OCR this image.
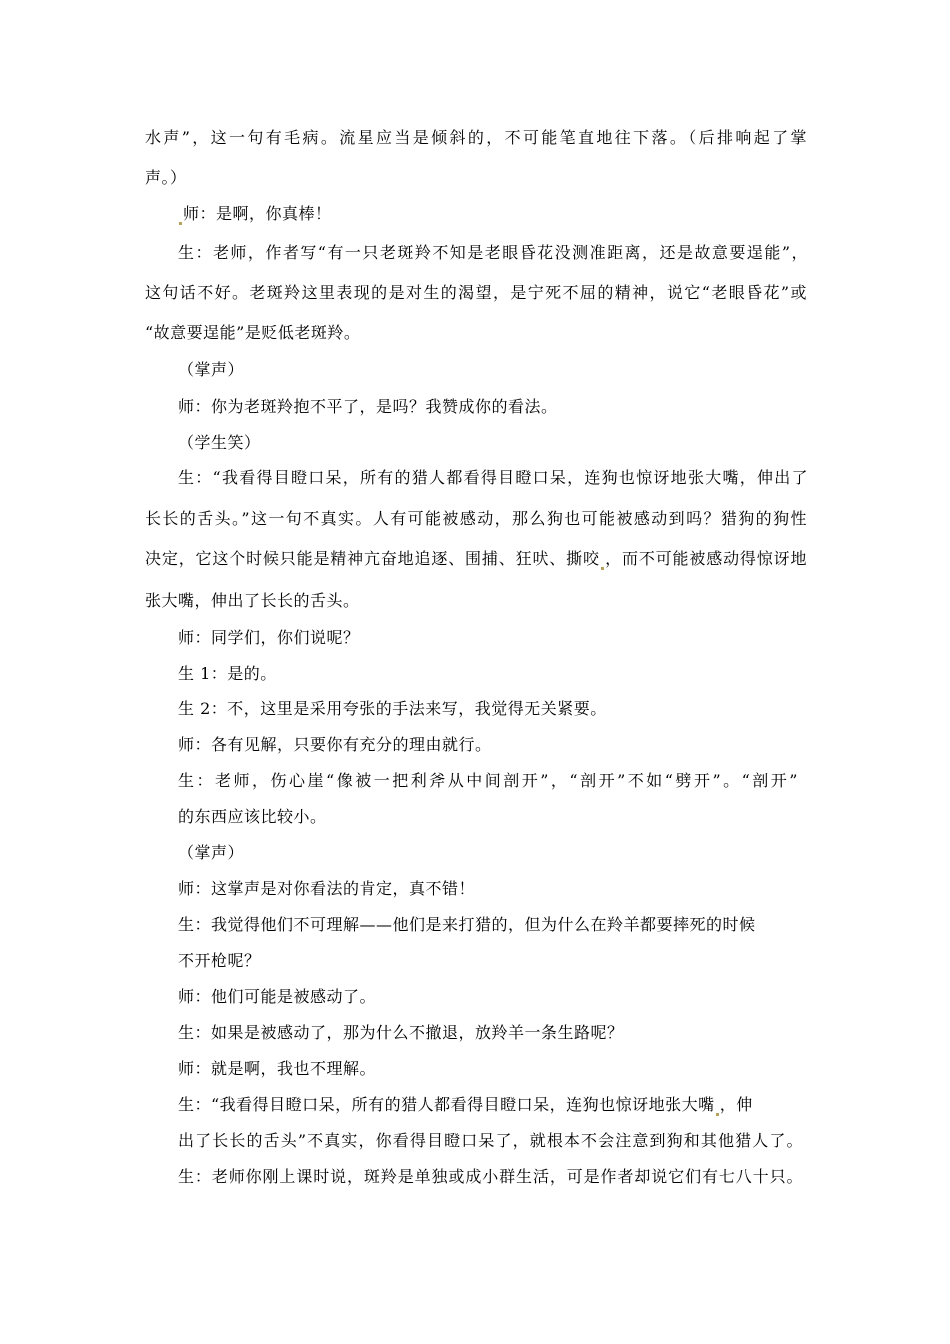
水声”，这一句有毛病。流星应当是倾斜的，不可能笔直地往下落。（后排响起了掌
声。）
师：是啊，你真棒！
生：老师，作者写“有一只老斑羚不知是老眼昏花没测准距离，还是故意要逞能”，
这句话不好。老斑羚这里表现的是对生的渴望，是宁死不屈的精神，说它“老眼昏花”或
“故意要逞能”是贬低老斑羚。
（掌声）
师：你为老斑羚抱不平了，是吗？我赞成你的看法。
（学生笑）
生：“我看得目瞪口呆，所有的猎人都看得目瞪口呆，连狗也惊讶地张大嘴，伸出了
长长的舌头。”这一句不真实。人有可能被感动，那么狗也可能被感动到吗？猎狗的狗性
决定，它这个时候只能是精神亢奋地追逐、围捕、狂吠、撕咬 ，而不可能被感动得惊讶地
张大嘴，伸出了长长的舌头。
师：同学们，你们说呢？
生 1：是的。
生 2：不，这里是采用夸张的手法来写，我觉得无关紧要。
师：各有见解，只要你有充分的理由就行。
生：老师，伤心崖“像被一把利斧从中间剖开”，“剖开”不如“劈开”。“剖开”
的东西应该比较小。
（掌声）
师：这掌声是对你看法的肯定，真不错！
生：我觉得他们不可理解——他们是来打猎的，但为什么在羚羊都要摔死的时候
不开枪呢？
师：他们可能是被感动了。
生：如果是被感动了，那为什么不撤退，放羚羊一条生路呢？
师：就是啊，我也不理解。
生：“我看得目瞪口呆，所有的猎人都看得目瞪口呆，连狗也惊讶地张大嘴 ，伸
出了长长的舌头”不真实，你看得目瞪口呆了，就根本不会注意到狗和其他猎人了。
生：老师你刚上课时说，斑羚是单独或成小群生活，可是作者却说它们有七八十只。
